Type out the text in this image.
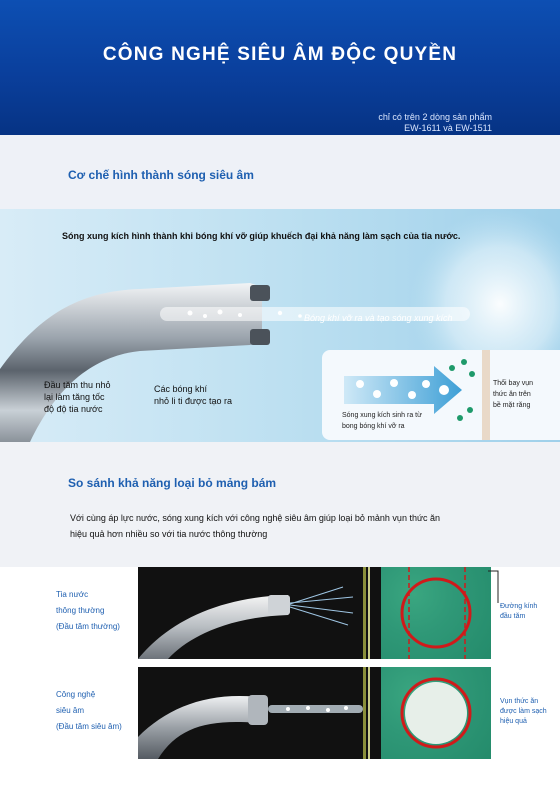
CÔNG NGHỆ SIÊU ÂM ĐỘC QUYỀN
chỉ có trên 2 dòng sản phẩm
EW-1611 và EW-1511
Cơ chế hình thành sóng siêu âm
Sóng xung kích hình thành khi bóng khí vỡ giúp khuếch đại khả năng làm sạch của tia nước.
Bóng khí vỡ ra và tạo sóng xung kích
Đầu tăm thu nhỏ
lại làm tăng tốc
độ độ tia nước
Các bóng khí
nhỏ li ti được tạo ra
Sóng xung kích sinh ra từ
bong bóng khí vỡ ra
Thổi bay vụn
thức ăn trên
bề mặt răng
So sánh khả năng loại bỏ mảng bám
Với cùng áp lực nước, sóng xung kích với công nghệ siêu âm giúp loại bỏ mảnh vụn thức ăn
hiệu quả hơn nhiều so với tia nước thông thường
Tia nước
thông thường
(Đầu tăm thường)
Đường kính
đầu tăm
Công nghệ
siêu âm
(Đầu tăm siêu âm)
Vụn thức ăn
được làm sạch
hiệu quả
